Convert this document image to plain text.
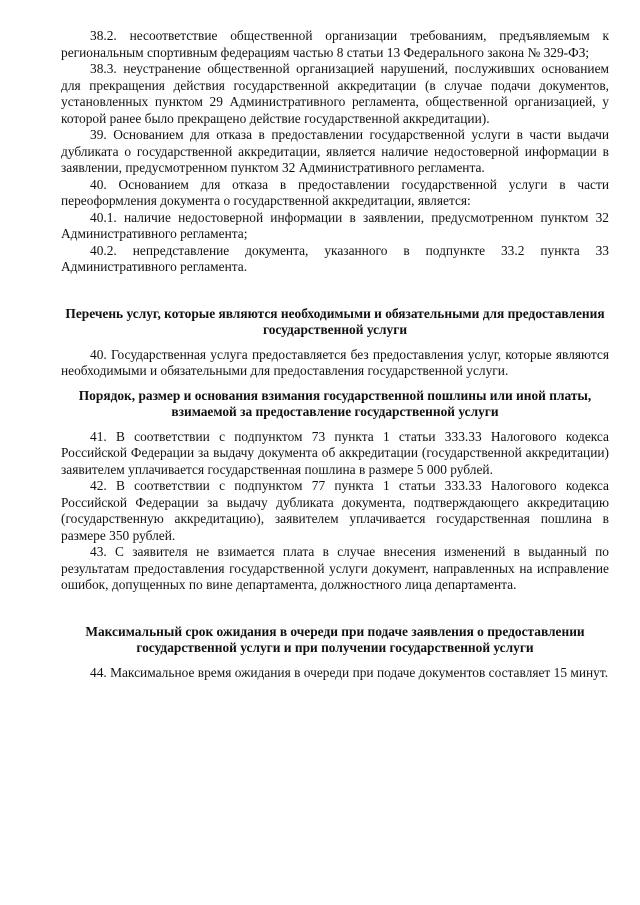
38.2. несоответствие общественной организации требованиям, предъявляемым к региональным спортивным федерациям частью 8 статьи 13 Федерального закона № 329-ФЗ;

38.3. неустранение общественной организацией нарушений, послуживших основанием для прекращения действия государственной аккредитации (в случае подачи документов, установленных пунктом 29 Административного регламента, общественной организацией, у которой ранее было прекращено действие государственной аккредитации).

39. Основанием для отказа в предоставлении государственной услуги в части выдачи дубликата о государственной аккредитации, является наличие недостоверной информации в заявлении, предусмотренном пунктом 32 Административного регламента.

40. Основанием для отказа в предоставлении государственной услуги в части переоформления документа о государственной аккредитации, является:

40.1. наличие недостоверной информации в заявлении, предусмотренном пунктом 32 Административного регламента;

40.2. непредставление документа, указанного в подпункте 33.2 пункта 33 Административного регламента.

Перечень услуг, которые являются необходимыми и обязательными для предоставления государственной услуги

40. Государственная услуга предоставляется без предоставления услуг, которые являются необходимыми и обязательными для предоставления государственной услуги.

Порядок, размер и основания взимания государственной пошлины или иной платы, взимаемой за предоставление государственной услуги

41. В соответствии с подпунктом 73 пункта 1 статьи 333.33 Налогового кодекса Российской Федерации за выдачу документа об аккредитации (государственной аккредитации) заявителем уплачивается государственная пошлина в размере 5 000 рублей.

42. В соответствии с подпунктом 77 пункта 1 статьи 333.33 Налогового кодекса Российской Федерации за выдачу дубликата документа, подтверждающего аккредитацию (государственную аккредитацию), заявителем уплачивается государственная пошлина в размере 350 рублей.

43. С заявителя не взимается плата в случае внесения изменений в выданный по результатам предоставления государственной услуги документ, направленных на исправление ошибок, допущенных по вине департамента, должностного лица департамента.

Максимальный срок ожидания в очереди при подаче заявления о предоставлении государственной услуги и при получении государственной услуги

44. Максимальное время ожидания в очереди при подаче документов составляет 15 минут.
